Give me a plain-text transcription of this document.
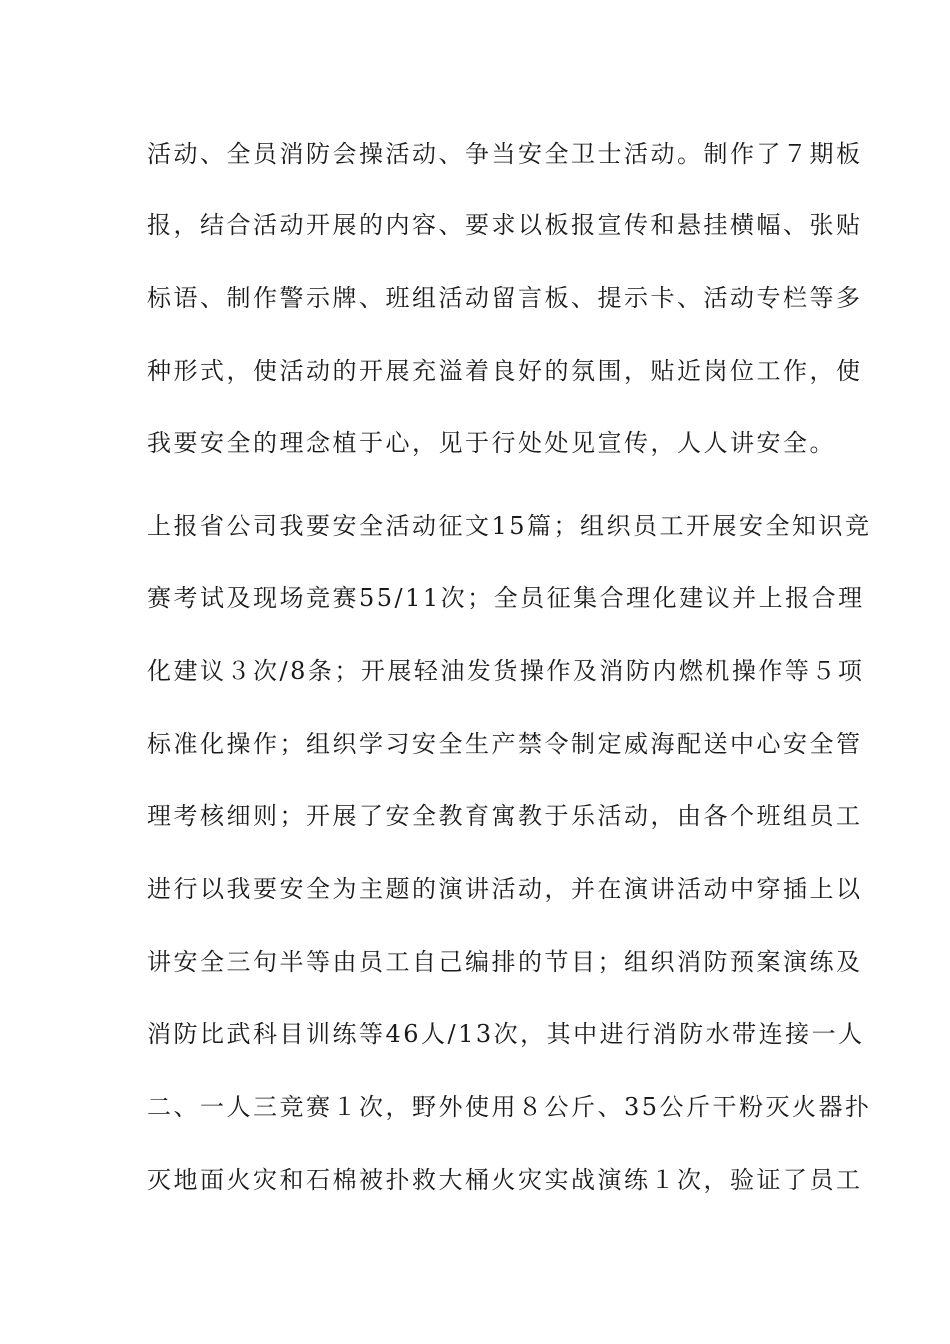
活动、全员消防会操活动、争当安全卫士活动。制作了７期板
报，结合活动开展的内容、要求以板报宣传和悬挂横幅、张贴
标语、制作警示牌、班组活动留言板、提示卡、活动专栏等多
种形式，使活动的开展充溢着良好的氛围，贴近岗位工作，使
我要安全的理念植于心，见于行处处见宣传，人人讲安全。
上报省公司我要安全活动征文15篇；组织员工开展安全知识竞
赛考试及现场竞赛55/11次；全员征集合理化建议并上报合理
化建议３次/8条；开展轻油发货操作及消防内燃机操作等５项
标准化操作；组织学习安全生产禁令制定威海配送中心安全管
理考核细则；开展了安全教育寓教于乐活动，由各个班组员工
进行以我要安全为主题的演讲活动，并在演讲活动中穿插上以
讲安全三句半等由员工自己编排的节目；组织消防预案演练及
消防比武科目训练等46人/13次，其中进行消防水带连接一人
二、一人三竞赛１次，野外使用８公斤、35公斤干粉灭火器扑
灭地面火灾和石棉被扑救大桶火灾实战演练１次，验证了员工
